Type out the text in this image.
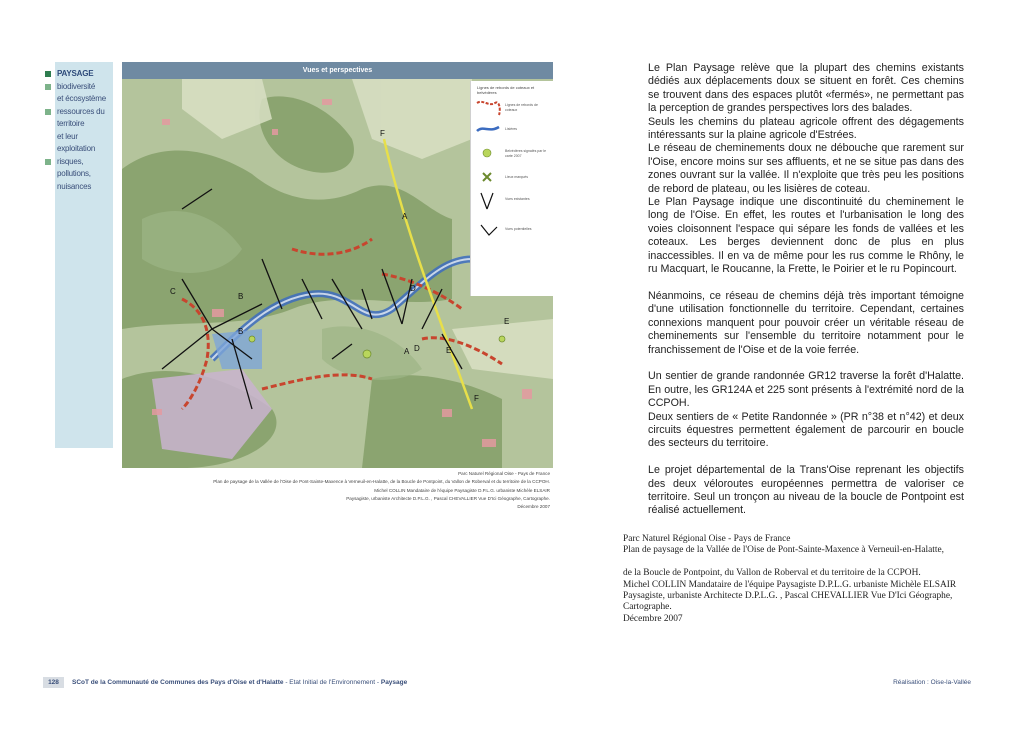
PAYSAGE
biodiversité
et écosystème
ressources du
territoire
et leur
exploitation
risques,
pollutions,
nuisances
Vues et perspectives
F
A
B
C	D
B
E
A D	E
F
Lignes de rebords de coteaux et belvédères
Lignes de rebords de coteaux
Lisières
Belvédères signalés par le carte 2007
Lieux marqués
Vues existantes
Vues potentielles
Parc Naturel Régional Oise - Pays de France
Plan de paysage de la Vallée de l'Oise de Pont-Sainte-Maxence à Verneuil-en-Halatte, de la Boucle de Pontpoint, du Vallon de Roberval et du territoire de la CCPOH.
Michel COLLIN Mandataire de l'équipe Paysagiste D.P.L.G. urbaniste Michèle ELSAIR
Paysagiste, urbaniste Architecte D.P.L.G. , Pascal CHEVALLIER Vue D'Ici Géographe, Cartographe.
Décembre 2007

Le Plan Paysage relève que la plupart des chemins existants dédiés aux déplacements doux se situent en forêt. Ces chemins se trouvent dans des espaces plutôt «fermés», ne permettant pas la perception de grandes perspectives lors des balades.

Seuls les chemins du plateau agricole offrent des dégagements intéressants sur la plaine agricole d'Estrées.

Le réseau de cheminements doux ne débouche que rarement sur l'Oise, encore moins sur ses affluents, et ne se situe pas dans des zones ouvrant sur la vallée. Il n'exploite que très peu les positions de rebord de plateau, ou les lisières de coteau.

Le Plan Paysage indique une discontinuité du cheminement le long de l'Oise. En effet, les routes et l'urbanisation le long des voies cloisonnent l'espace qui sépare les fonds de vallées et les coteaux. Les berges deviennent donc de plus en plus inaccessibles. Il en va de même pour les rus comme le Rhôny, le ru Macquart, le Roucanne, la Frette, le Poirier et le ru Popincourt.

Néanmoins, ce réseau de chemins déjà très important témoigne d'une utilisation fonctionnelle du territoire. Cependant, certaines connexions manquent pour pouvoir créer un véritable réseau de cheminements sur l'ensemble du territoire notamment pour le franchissement de l'Oise et de la voie ferrée.

Un sentier de grande randonnée GR12 traverse la forêt d'Halatte. En outre, les GR124A et 225 sont présents à l'extrémité nord de la CCPOH.

Deux sentiers de « Petite Randonnée » (PR n°38 et n°42) et deux circuits équestres permettent également de parcourir en boucle des secteurs du territoire.

Le projet départemental de la Trans'Oise reprenant les objectifs des deux véloroutes européennes permettra de valoriser ce territoire. Seul un tronçon au niveau de la boucle de Pontpoint est réalisé actuellement.

Parc Naturel Régional Oise - Pays de France

Plan de paysage de la Vallée de l'Oise de Pont-Sainte-Maxence à Verneuil-en-Halatte,

de la Boucle de Pontpoint, du Vallon de Roberval et du territoire de la CCPOH.

Michel COLLIN Mandataire de l'équipe Paysagiste D.P.L.G. urbaniste Michèle ELSAIR

Paysagiste, urbaniste Architecte D.P.L.G. , Pascal CHEVALLIER Vue D'Ici Géographe, Cartographe.

Décembre 2007

128	SCoT de la Communauté de Communes des Pays d'Oise et d'Halatte - Etat Initial de l'Environnement - Paysage	Réalisation : Oise-la-Vallée
